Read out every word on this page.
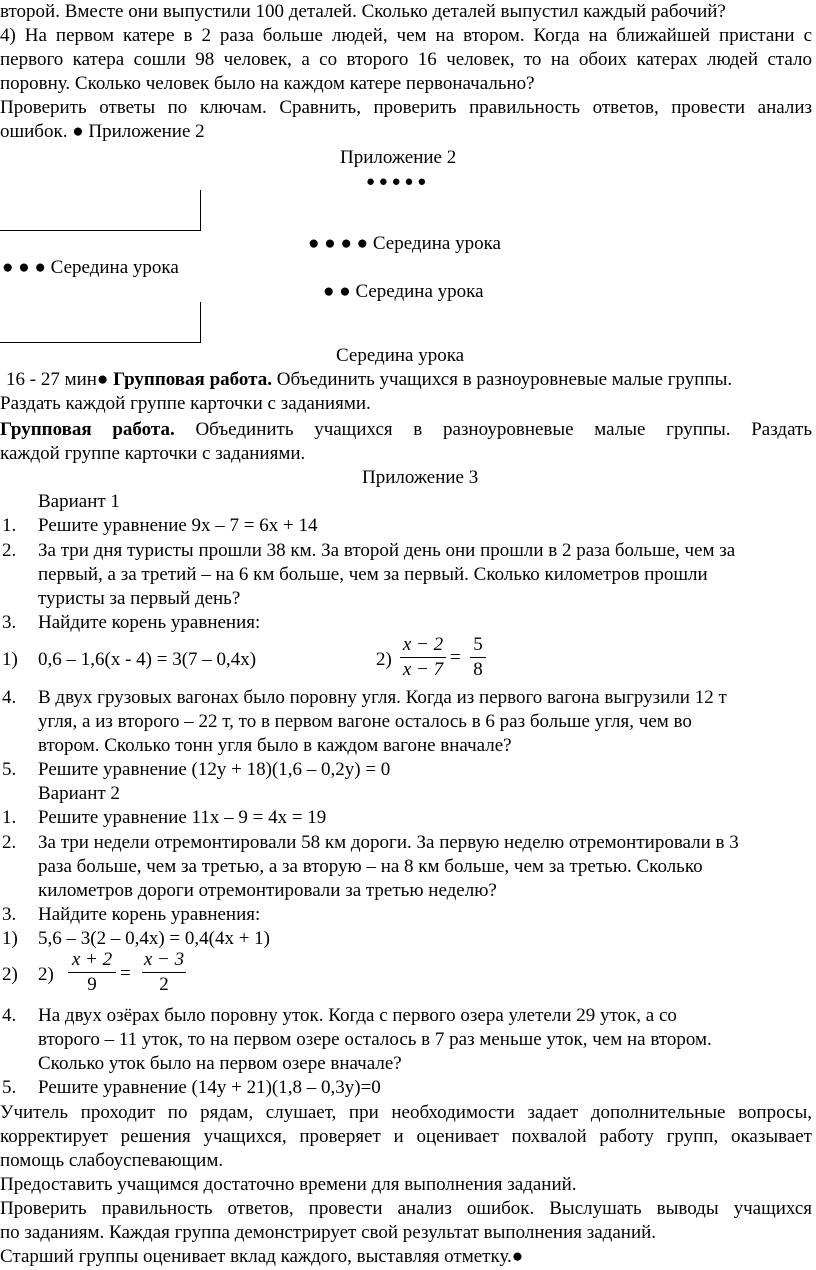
второй. Вместе они выпустили 100 деталей. Сколько деталей выпустил каждый рабочий?
4) На первом катере в 2 раза больше людей, чем на втором. Когда на ближайшей пристани с
первого катера сошли 98 человек, а со второго 16 человек, то на обоих катерах людей стало
поровну. Сколько человек было на каждом катере первоначально?
Проверить ответы по ключам. Сравнить, проверить правильность ответов, провести анализ
ошибок. ● Приложение 2
Приложение 2
● ● ● ● ●
● ● ● ● Середина урока
● ● ● Середина урока
● ● Середина урока
Середина урока
16 - 27 мин● Групповая работа. Объединить учащихся в разноуровневые малые группы.
Раздать каждой группе карточки с заданиями.
Групповая работа. Объединить учащихся в разноуровневые малые группы. Раздать
каждой группе карточки с заданиями.
Приложение 3
Вариант 1
1. Решите уравнение 9х – 7 = 6х + 14
2. За три дня туристы прошли 38 км. За второй день они прошли в 2 раза больше, чем за
первый, а за третий – на 6 км больше, чем за первый. Сколько километров прошли
туристы за первый день?
3. Найдите корень уравнения:
1) 0,6 – 1,6(х - 4) = 3(7 – 0,4х)	2)
x − 2
x − 7
=
5
8
4. В двух грузовых вагонах было поровну угля. Когда из первого вагона выгрузили 12 т
угля, а из второго – 22 т, то в первом вагоне осталось в 6 раз больше угля, чем во
втором. Сколько тонн угля было в каждом вагоне вначале?
5. Решите уравнение (12у + 18)(1,6 – 0,2у) = 0
Вариант 2
1. Решите уравнение 11х – 9 = 4х = 19
2. За три недели отремонтировали 58 км дороги. За первую неделю отремонтировали в 3
раза больше, чем за третью, а за вторую – на 8 км больше, чем за третью. Сколько
километров дороги отремонтировали за третью неделю?
3. Найдите корень уравнения:
1) 5,6 – 3(2 – 0,4х) = 0,4(4х + 1)
2) 2)
x + 2
9
=
x − 3
2
4. На двух озёрах было поровну уток. Когда с первого озера улетели 29 уток, а со
второго – 11 уток, то на первом озере осталось в 7 раз меньше уток, чем на втором.
Сколько уток было на первом озере вначале?
5. Решите уравнение (14у + 21)(1,8 – 0,3у)=0
Учитель проходит по рядам, слушает, при необходимости задает дополнительные вопросы,
корректирует решения учащихся, проверяет и оценивает похвалой работу групп, оказывает
помощь слабоуспевающим.
Предоставить учащимся достаточно времени для выполнения заданий.
Проверить правильность ответов, провести анализ ошибок. Выслушать выводы учащихся
по заданиям. Каждая группа демонстрирует свой результат выполнения заданий.
Старший группы оценивает вклад каждого, выставляя отметку.●
